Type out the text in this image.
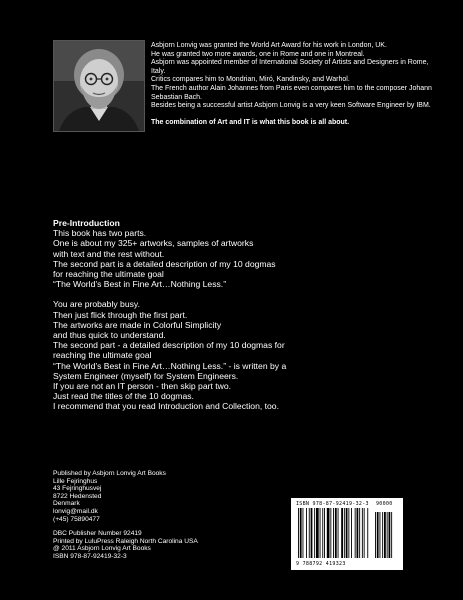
Asbjorn Lonvig was granted the World Art Award for his work in London, UK.

He was granted two more awards, one in Rome and one in Montreal.

Asbjorn was appointed member of International Society of Artists and Designers in Rome, Italy.

Critics compares him to Mondrian, Miró, Kandinsky, and Warhol.

The French author Alain Johannes from Paris even compares him to the composer Johann Sebastian Bach.

Besides being a successful artist Asbjorn Lonvig is a very keen Software Engineer by IBM.

The combination of Art and IT is what this book is all about.

Pre-Introduction

This book has two parts.

One is about my 325+ artworks, samples of artworks

with text and the rest without.

The second part is a detailed description of my 10 dogmas

for reaching the ultimate goal

“The World’s Best in Fine Art…Nothing Less.”

You are probably busy.

Then just flick through the first part.

The artworks are made in Colorful Simplicity

and thus quick to understand.

The second part - a detailed description of my 10 dogmas for

reaching the ultimate goal

“The World’s Best in Fine Art…Nothing Less.” - is written by a

System Engineer (myself) for System Engineers.

If you are not an IT person - then skip part two.

Just read the titles of the 10 dogmas.

I recommend that you read Introduction and Collection, too.

Published by Asbjorn Lonvig Art Books

Lille Fejringhus

43 Fejringhusvej

8722 Hedensted

Denmark

lonvig@mail.dk

(+45) 75890477

DBC Publisher Number 92419

Printed by LuluPress Raleigh North Carolina USA

@ 2011 Asbjorn Lonvig Art Books

ISBN 978-87-92419-32-3

ISBN 978-87-92419-32-3 90000
9 788792 419323
